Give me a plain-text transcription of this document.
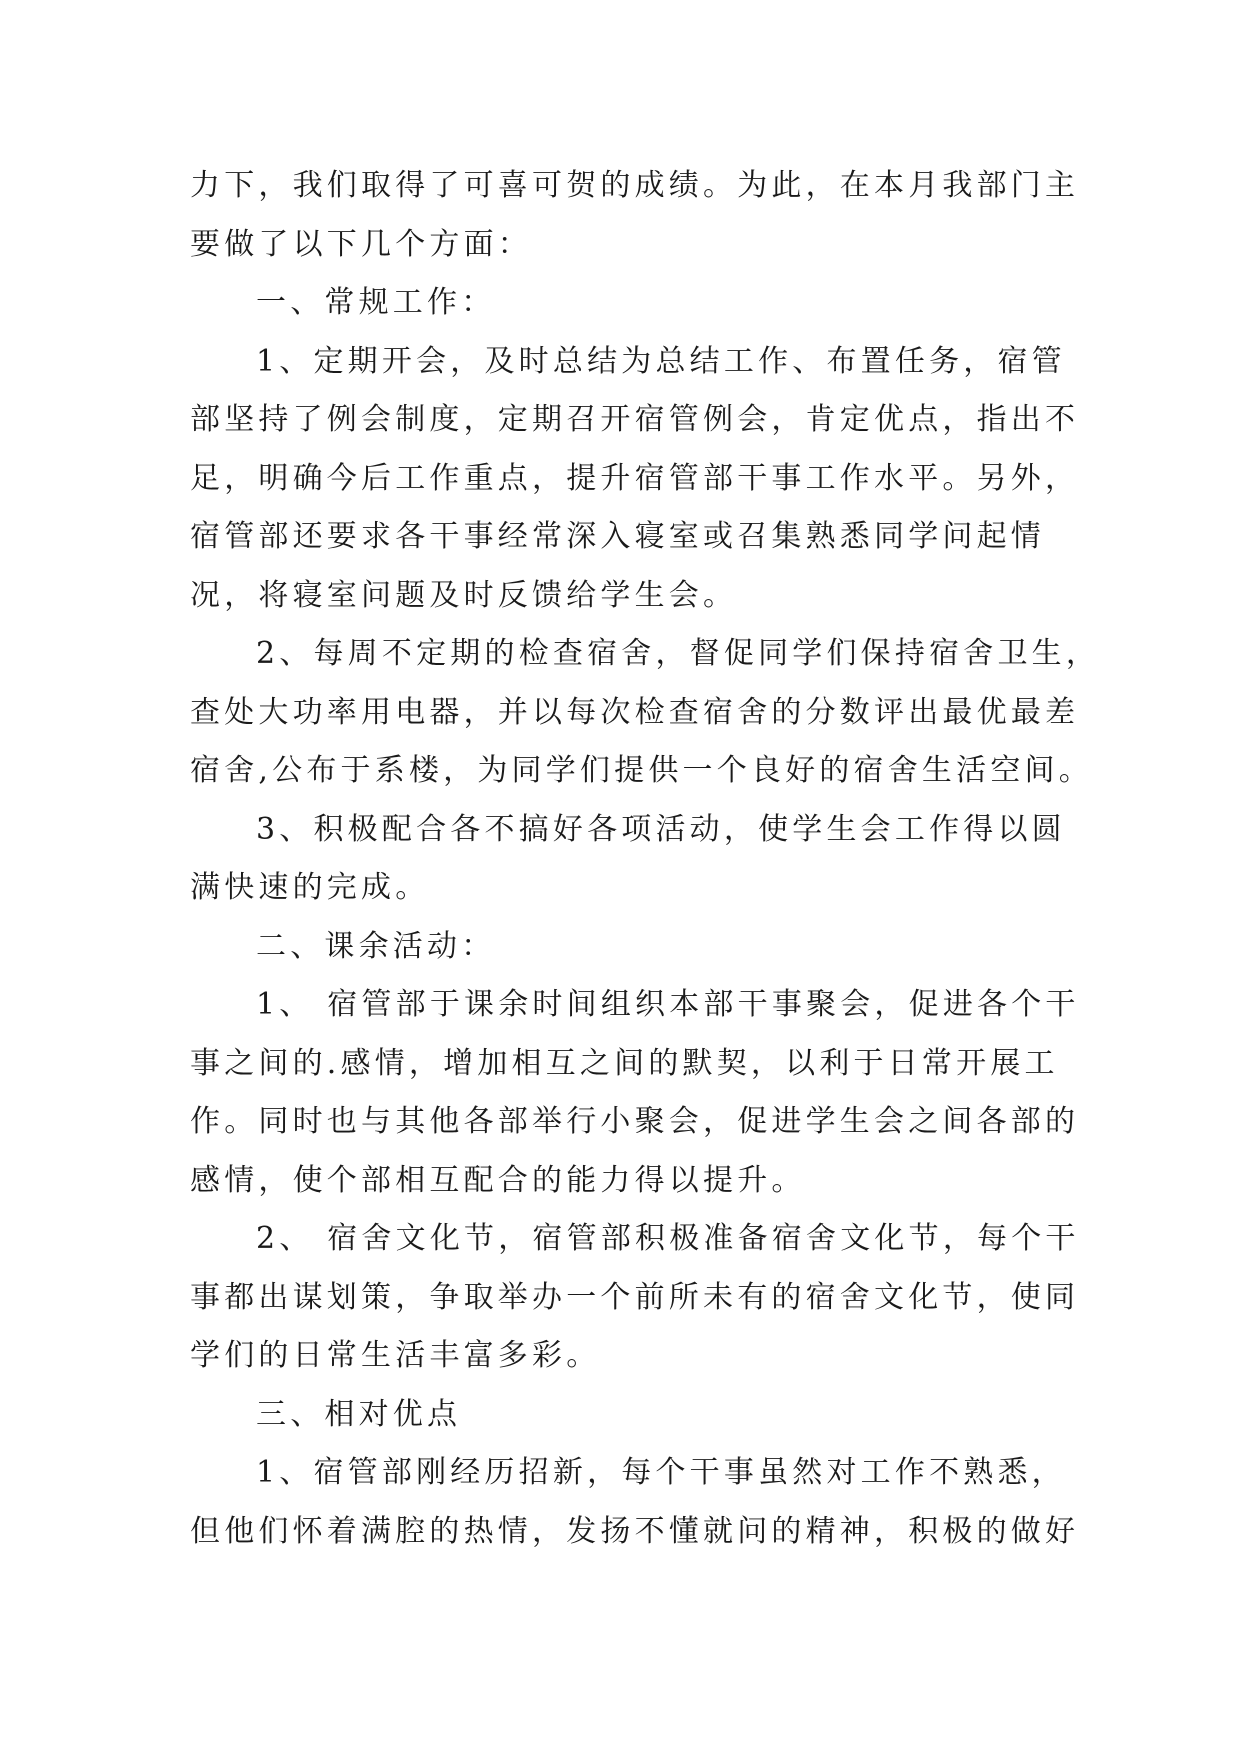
力下，我们取得了可喜可贺的成绩。为此，在本月我部门主
要做了以下几个方面：
一、常规工作：
1、定期开会，及时总结为总结工作、布置任务，宿管
部坚持了例会制度，定期召开宿管例会，肯定优点，指出不
足，明确今后工作重点，提升宿管部干事工作水平。另外，
宿管部还要求各干事经常深入寝室或召集熟悉同学问起情
况，将寝室问题及时反馈给学生会。
2、每周不定期的检查宿舍，督促同学们保持宿舍卫生，
查处大功率用电器，并以每次检查宿舍的分数评出最优最差
宿舍,公布于系楼，为同学们提供一个良好的宿舍生活空间。
3、积极配合各不搞好各项活动，使学生会工作得以圆
满快速的完成。
二、课余活动：
1、 宿管部于课余时间组织本部干事聚会，促进各个干
事之间的.感情，增加相互之间的默契，以利于日常开展工
作。同时也与其他各部举行小聚会，促进学生会之间各部的
感情，使个部相互配合的能力得以提升。
2、 宿舍文化节，宿管部积极准备宿舍文化节，每个干
事都出谋划策，争取举办一个前所未有的宿舍文化节，使同
学们的日常生活丰富多彩。
三、相对优点
1、宿管部刚经历招新，每个干事虽然对工作不熟悉，
但他们怀着满腔的热情，发扬不懂就问的精神，积极的做好
